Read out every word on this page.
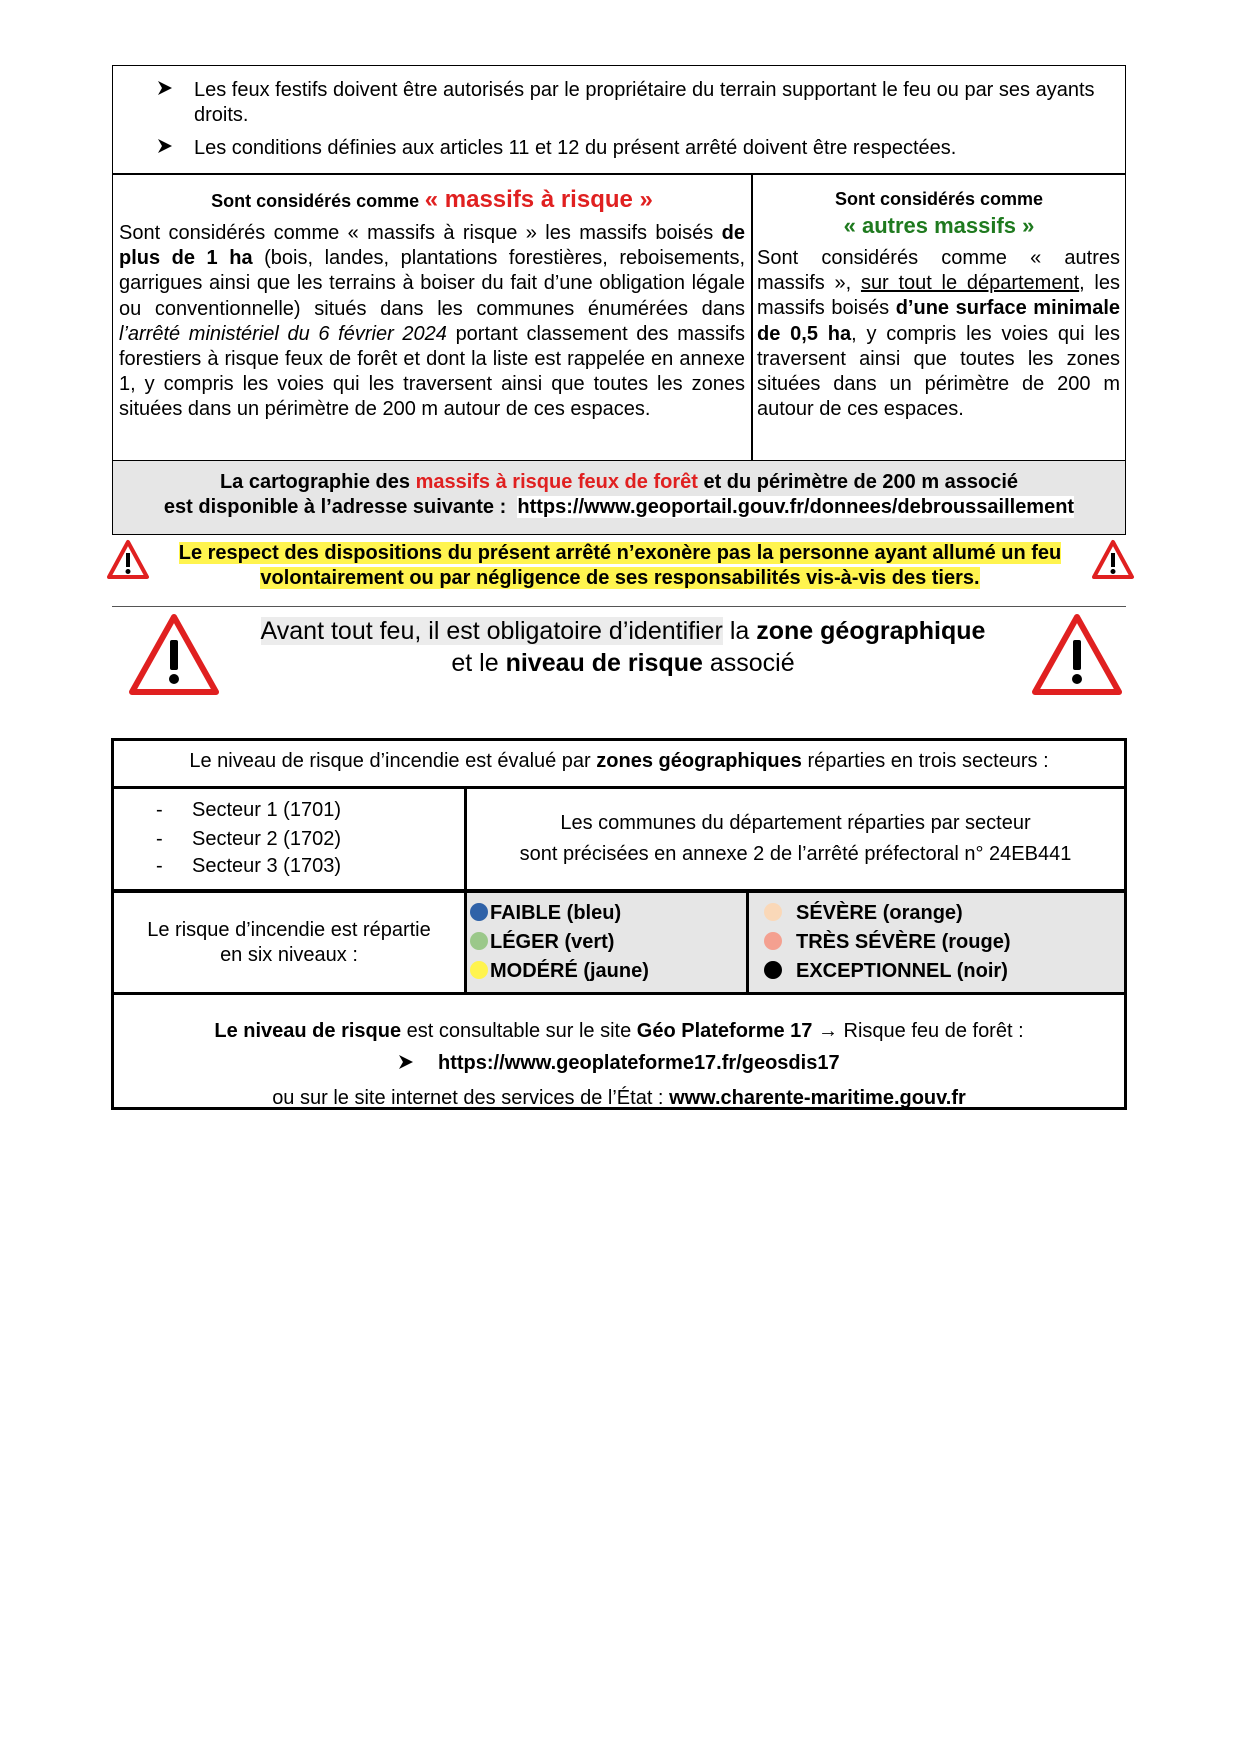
Les feux festifs doivent être autorisés par le propriétaire du terrain supportant le feu ou par ses ayants droits.
Les conditions définies aux articles 11 et 12 du présent arrêté doivent être respectées.
Sont considérés comme « massifs à risque »
Sont considérés comme « massifs à risque » les massifs boisés de plus de 1 ha (bois, landes, plantations forestières, reboisements, garrigues ainsi que les terrains à boiser du fait d’une obligation légale ou conventionnelle) situés dans les communes énumérées dans l’arrêté ministériel du 6 février 2024 portant classement des massifs forestiers à risque feux de forêt et dont la liste est rappelée en annexe 1, y compris les voies qui les traversent ainsi que toutes les zones situées dans un périmètre de 200 m autour de ces espaces.
Sont considérés comme
« autres massifs »
Sont considérés comme « autres massifs », sur tout le département, les massifs boisés d’une surface minimale de 0,5 ha, y compris les voies qui les traversent ainsi que toutes les zones situées dans un périmètre de 200 m autour de ces espaces.
La cartographie des massifs à risque feux de forêt et du périmètre de 200 m associé
est disponible à l’adresse suivante : https://www.geoportail.gouv.fr/donnees/debroussaillement
Le respect des dispositions du présent arrêté n’exonère pas la personne ayant allumé un feu
volontairement ou par négligence de ses responsabilités vis-à-vis des tiers.
Avant tout feu, il est obligatoire d’identifier la zone géographique
et le niveau de risque associé
Le niveau de risque d’incendie est évalué par zones géographiques réparties en trois secteurs :
- Secteur 1 (1701)
- Secteur 2 (1702)
- Secteur 3 (1703)
Les communes du département réparties par secteur
sont précisées en annexe 2 de l’arrêté préfectoral n° 24EB441
Le risque d’incendie est répartie
en six niveaux :
FAIBLE (bleu)
LÉGER (vert)
MODÉRÉ (jaune)
SÉVÈRE (orange)
TRÈS SÉVÈRE (rouge)
EXCEPTIONNEL (noir)
Le niveau de risque est consultable sur le site Géo Plateforme 17 → Risque feu de forêt :
https://www.geoplateforme17.fr/geosdis17
ou sur le site internet des services de l’État : www.charente-maritime.gouv.fr
